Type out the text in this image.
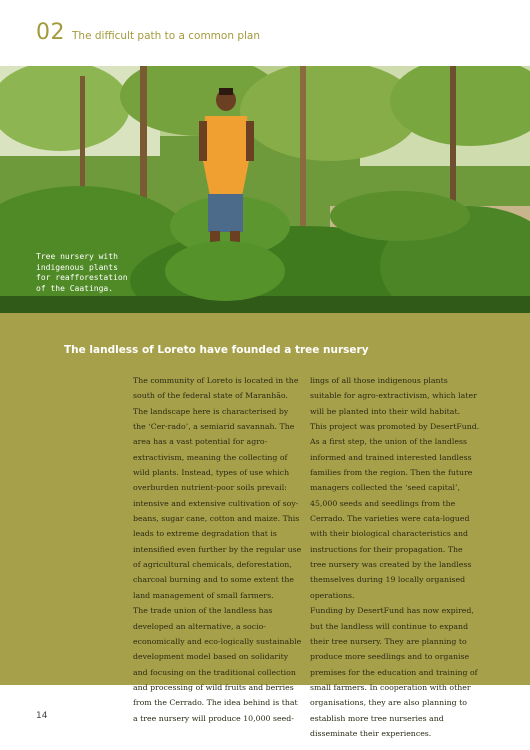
02 The difficult path to a common plan
Tree nursery with indigenous plants for reafforestation of the Caatinga.
The landless of Loreto have founded a tree nursery

The community of Loreto is located in the south of the federal state of Maranhão. The landscape here is characterised by the ‘Cer-rado’, a semiarid savannah. The area has a vast potential for agro-extractivism, meaning the collecting of wild plants. Instead, types of use which overburden nutrient-poor soils prevail: intensive and extensive cultivation of soy-beans, sugar cane, cotton and maize. This leads to extreme degradation that is intensified even further by the regular use of agricultural chemicals, deforestation, charcoal burning and to some extent the land management of small farmers.

The trade union of the landless has developed an alternative, a socio-economically and eco-logically sustainable development model based on solidarity and focusing on the traditional collection and processing of wild fruits and berries from the Cerrado. The idea behind is that a tree nursery will produce 10,000 seed-

lings of all those indigenous plants suitable for agro-extractivism, which later will be planted into their wild habitat.

This project was promoted by DesertFund. As a first step, the union of the landless informed and trained interested landless families from the region. Then the future managers collected the ‘seed capital’, 45,000 seeds and seedlings from the Cerrado. The varieties were cata-logued with their biological characteristics and instructions for their propagation. The tree nursery was created by the landless themselves during 19 locally organised operations.

Funding by DesertFund has now expired, but the landless will continue to expand their tree nursery. They are planning to produce more seedlings and to organise premises for the education and training of small farmers. In cooperation with other organisations, they are also planning to establish more tree nurseries and disseminate their experiences.

14
